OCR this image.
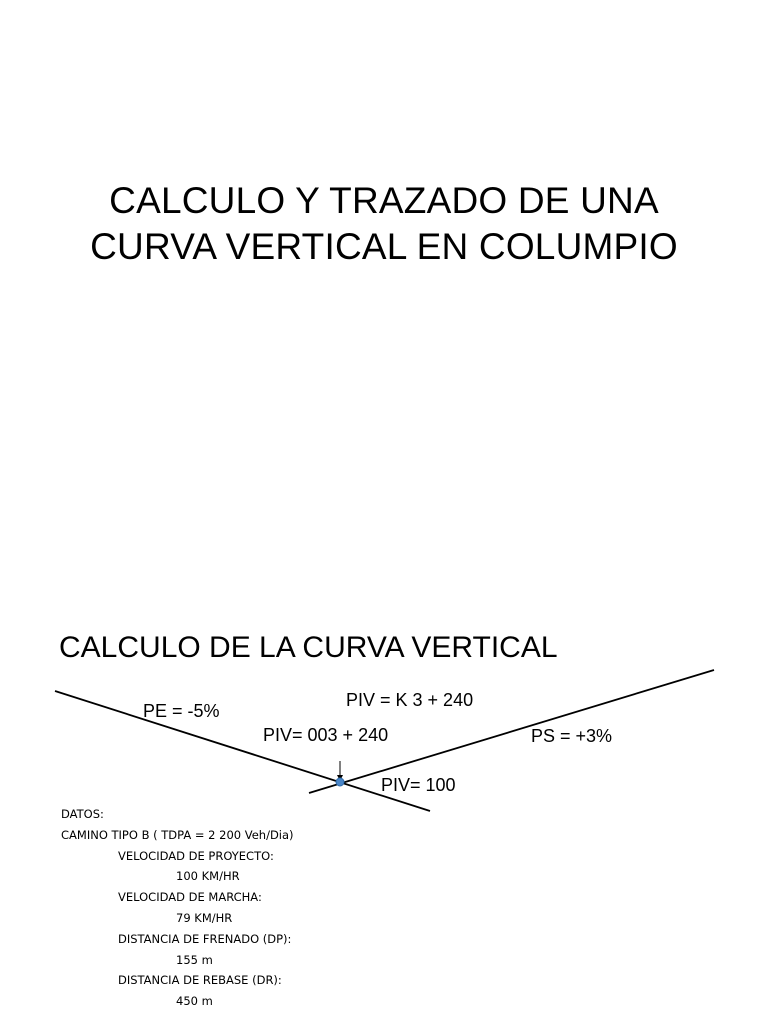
CALCULO Y TRAZADO DE UNA
CURVA VERTICAL EN COLUMPIO
CALCULO DE LA CURVA VERTICAL
PE = -5%
PIV = K 3 + 240
PIV= 003 + 240	PS = +3%
PIV= 100
DATOS:
CAMINO TIPO B ( TDPA = 2 200 Veh/Dia)
VELOCIDAD DE PROYECTO:
100 KM/HR
VELOCIDAD DE MARCHA:
79 KM/HR
DISTANCIA DE FRENADO (DP):
155 m
DISTANCIA DE REBASE (DR):
450 m
